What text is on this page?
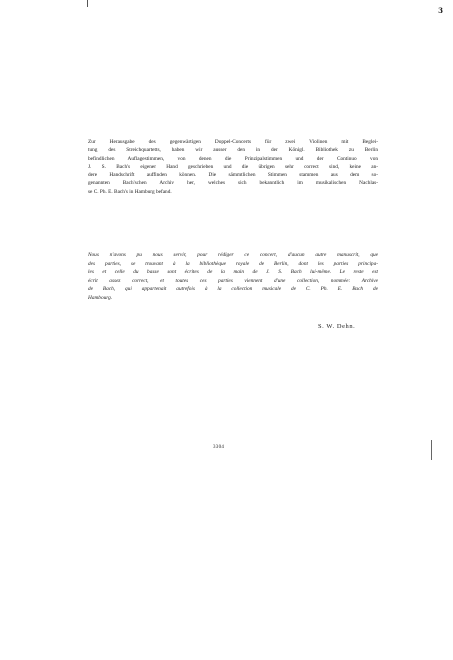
3
Zur Herausgabe des gegenwärtigen Doppel-Concerts für zwei Violinen mit Beglei-
tung des Streichquartetts, haben wir ausser den in der Königl. Bibliothek zu Berlin
befindlichen Auflagestimmen, von denen die Prinzipalstimmen und der Continuo von
J. S. Bach's eigener Hand geschrieben und die übrigen sehr correct sind, keine an-
dere Handschrift auffinden können. Die sämmtlichen Stimmen stammen aus dem so-
genannten Bach'schen Archiv her, welches sich bekanntlich im musikalischen Nachlas-
se C. Ph. E. Bach's in Hamburg befand.
Nous n'avons pu nous servir, pour rédiger ce concert, d'aucun autre manuscrit, que
des parties, se trouvant à la bibliothèque royale de Berlin, dont les parties principa-
les et celle du basse sont écrites de la main de J. S. Bach lui-même. Le reste est
écrit assez correct, et toutes ces parties viennent d'une collection, nommée: Archive
de Bach, qui appartenait autrefois à la collection musicale de C. Ph. E. Bach de
Hambourg.
S. W. Dehn.
3304
